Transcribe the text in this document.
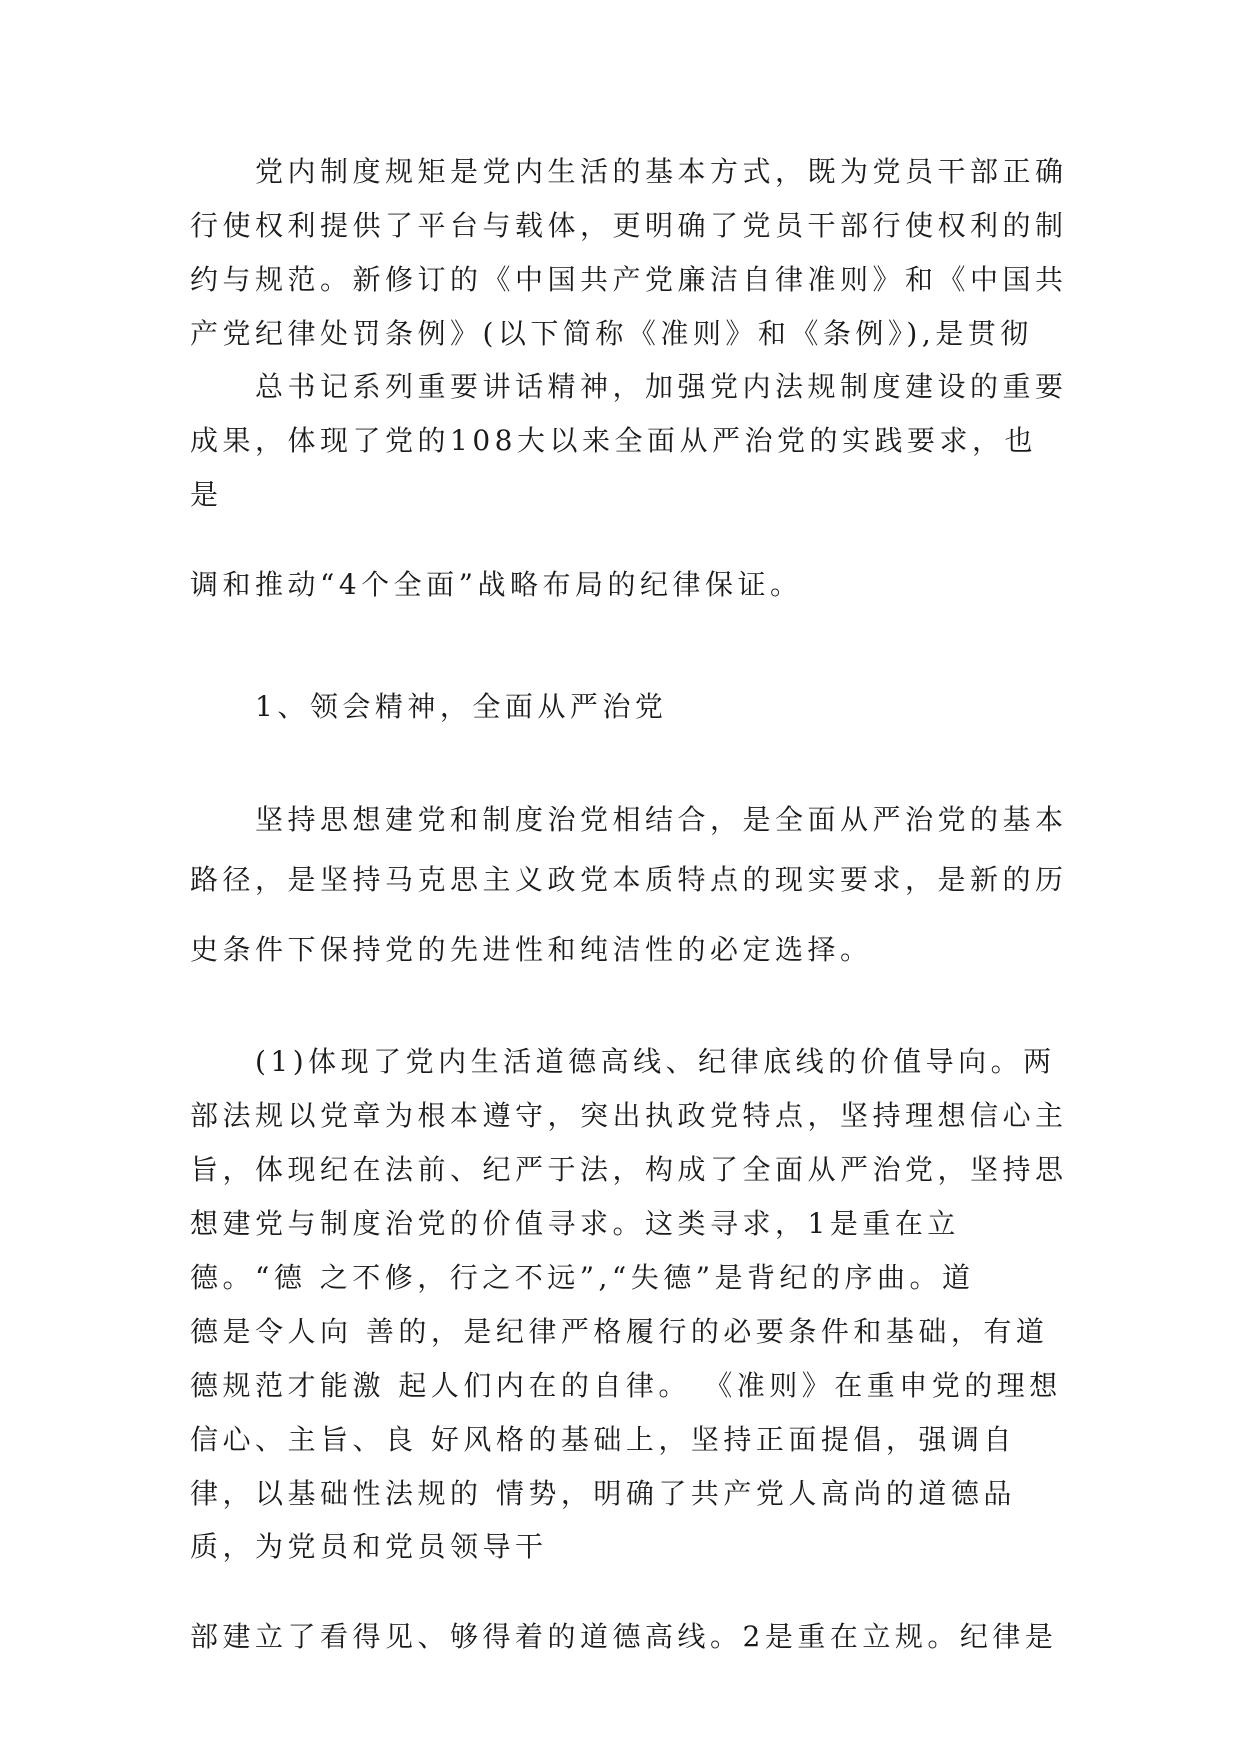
党内制度规矩是党内生活的基本方式，既为党员干部正确
行使权利提供了平台与载体，更明确了党员干部行使权利的制
约与规范。新修订的《中国共产党廉洁自律准则》和《中国共
产党纪律处罚条例》(以下简称《准则》和《条例》),是贯彻
总书记系列重要讲话精神，加强党内法规制度建设的重要
成果，体现了党的108大以来全面从严治党的实践要求，也
是
调和推动“4个全面”战略布局的纪律保证。
1、领会精神，全面从严治党
坚持思想建党和制度治党相结合，是全面从严治党的基本
路径，是坚持马克思主义政党本质特点的现实要求，是新的历
史条件下保持党的先进性和纯洁性的必定选择。
(1)体现了党内生活道德高线、纪律底线的价值导向。两
部法规以党章为根本遵守，突出执政党特点，坚持理想信心主
旨，体现纪在法前、纪严于法，构成了全面从严治党，坚持思
想建党与制度治党的价值寻求。这类寻求，1是重在立
德。“德 之不修，行之不远”,“失德”是背纪的序曲。道
德是令人向 善的，是纪律严格履行的必要条件和基础，有道
德规范才能激 起人们内在的自律。 《准则》在重申党的理想
信心、主旨、良 好风格的基础上，坚持正面提倡，强调自
律，以基础性法规的 情势，明确了共产党人高尚的道德品
质，为党员和党员领导干
部建立了看得见、够得着的道德高线。2是重在立规。纪律是
